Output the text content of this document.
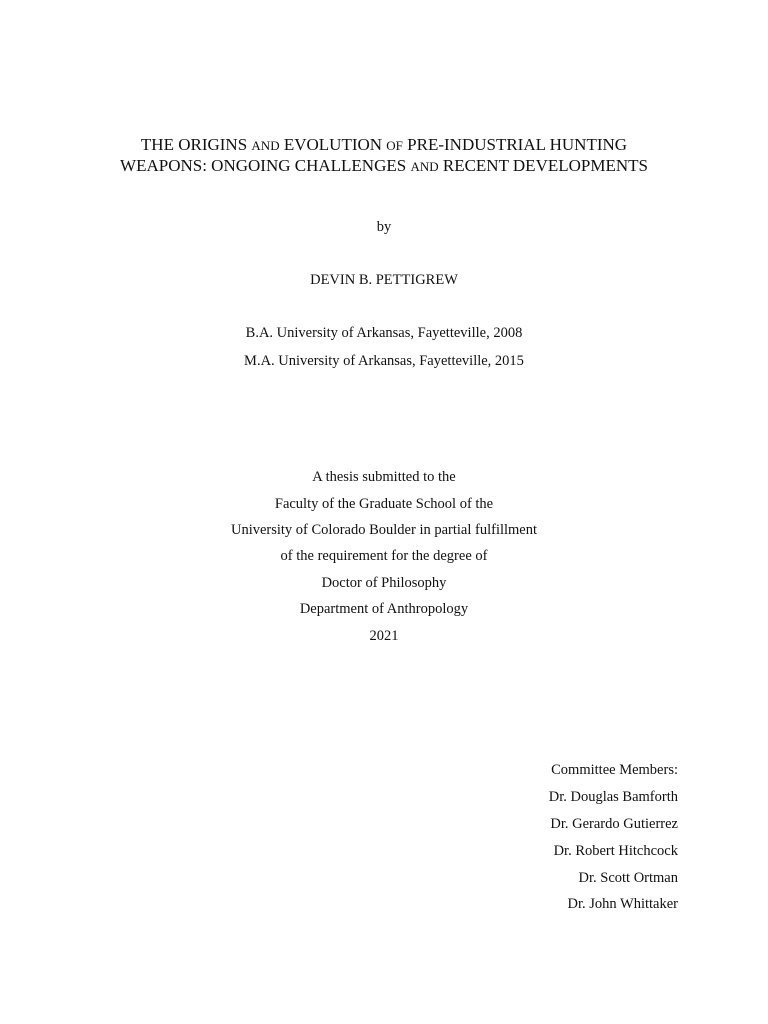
THE ORIGINS AND EVOLUTION OF PRE-INDUSTRIAL HUNTING
WEAPONS: ONGOING CHALLENGES AND RECENT DEVELOPMENTS
by
DEVIN B. PETTIGREW
B.A. University of Arkansas, Fayetteville, 2008
M.A. University of Arkansas, Fayetteville, 2015
A thesis submitted to the
Faculty of the Graduate School of the
University of Colorado Boulder in partial fulfillment
of the requirement for the degree of
Doctor of Philosophy
Department of Anthropology
2021
Committee Members:
Dr. Douglas Bamforth
Dr. Gerardo Gutierrez
Dr. Robert Hitchcock
Dr. Scott Ortman
Dr. John Whittaker
